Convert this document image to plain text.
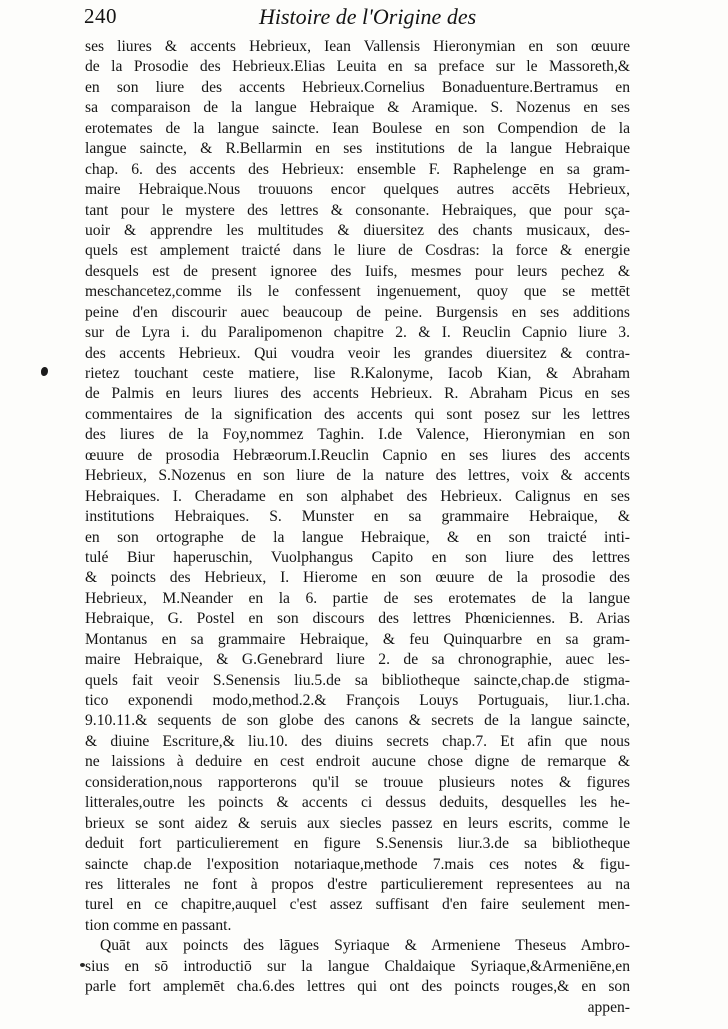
240	Histoire de l'Origine des
ses liures & accents Hebrieux, Iean Vallensis Hieronymian en son œuure
de la Prosodie des Hebrieux.Elias Leuita en sa preface sur le Massoreth,&
en son liure des accents Hebrieux.Cornelius Bonaduenture.Bertramus en
sa comparaison de la langue Hebraique & Aramique. S. Nozenus en ses
erotemates de la langue saincte. Iean Boulese en son Compendion de la
langue saincte, & R.Bellarmin en ses institutions de la langue Hebraique
chap. 6. des accents des Hebrieux: ensemble F. Raphelenge en sa gram-
maire Hebraique.Nous trouuons encor quelques autres accēts Hebrieux,
tant pour le mystere des lettres & consonante. Hebraiques, que pour sça-
uoir & apprendre les multitudes & diuersitez des chants musicaux, des-
quels est amplement traicté dans le liure de Cosdras: la force & energie
desquels est de present ignoree des Iuifs, mesmes pour leurs pechez &
meschancetez,comme ils le confessent ingenuement, quoy que se mettēt
peine d'en discourir auec beaucoup de peine. Burgensis en ses additions
sur de Lyra i. du Paralipomenon chapitre 2. & I. Reuclin Capnio liure 3.
des accents Hebrieux. Qui voudra veoir les grandes diuersitez & contra-
rietez touchant ceste matiere, lise R.Kalonyme, Iacob Kian, & Abraham
de Palmis en leurs liures des accents Hebrieux. R. Abraham Picus en ses
commentaires de la signification des accents qui sont posez sur les lettres
des liures de la Foy,nommez Taghin. I.de Valence, Hieronymian en son
œuure de prosodia Hebræorum.I.Reuclin Capnio en ses liures des accents
Hebrieux, S.Nozenus en son liure de la nature des lettres, voix & accents
Hebraiques. I. Cheradame en son alphabet des Hebrieux. Calignus en ses
institutions Hebraiques. S. Munster en sa grammaire Hebraique, &
en son ortographe de la langue Hebraique, & en son traicté inti-
tulé Biur haperuschin, Vuolphangus Capito en son liure des lettres
& poincts des Hebrieux, I. Hierome en son œuure de la prosodie des
Hebrieux, M.Neander en la 6. partie de ses erotemates de la langue
Hebraique, G. Postel en son discours des lettres Phœniciennes. B. Arias
Montanus en sa grammaire Hebraique, & feu Quinquarbre en sa gram-
maire Hebraique, & G.Genebrard liure 2. de sa chronographie, auec les-
quels fait veoir S.Senensis liu.5.de sa bibliotheque saincte,chap.de stigma-
tico exponendi modo,method.2.& François Louys Portuguais, liur.1.cha.
9.10.11.& sequents de son globe des canons & secrets de la langue saincte,
& diuine Escriture,& liu.10. des diuins secrets chap.7. Et afin que nous
ne laissions à deduire en cest endroit aucune chose digne de remarque &
consideration,nous rapporterons qu'il se trouue plusieurs notes & figures
litterales,outre les poincts & accents ci dessus deduits, desquelles les he-
brieux se sont aidez & seruis aux siecles passez en leurs escrits, comme le
deduit fort particulierement en figure S.Senensis liur.3.de sa bibliotheque
saincte chap.de l'exposition notariaque,methode 7.mais ces notes & figu-
res litterales ne font à propos d'estre particulierement representees au na
turel en ce chapitre,auquel c'est assez suffisant d'en faire seulement men-
tion comme en passant.
Quāt aux poincts des lāgues Syriaque & Armeniene Theseus Ambro-
sius en sō introductiō sur la langue Chaldaique Syriaque,&Armeniēne,en
parle fort amplemēt cha.6.des lettres qui ont des poincts rouges,& en son
appen-
